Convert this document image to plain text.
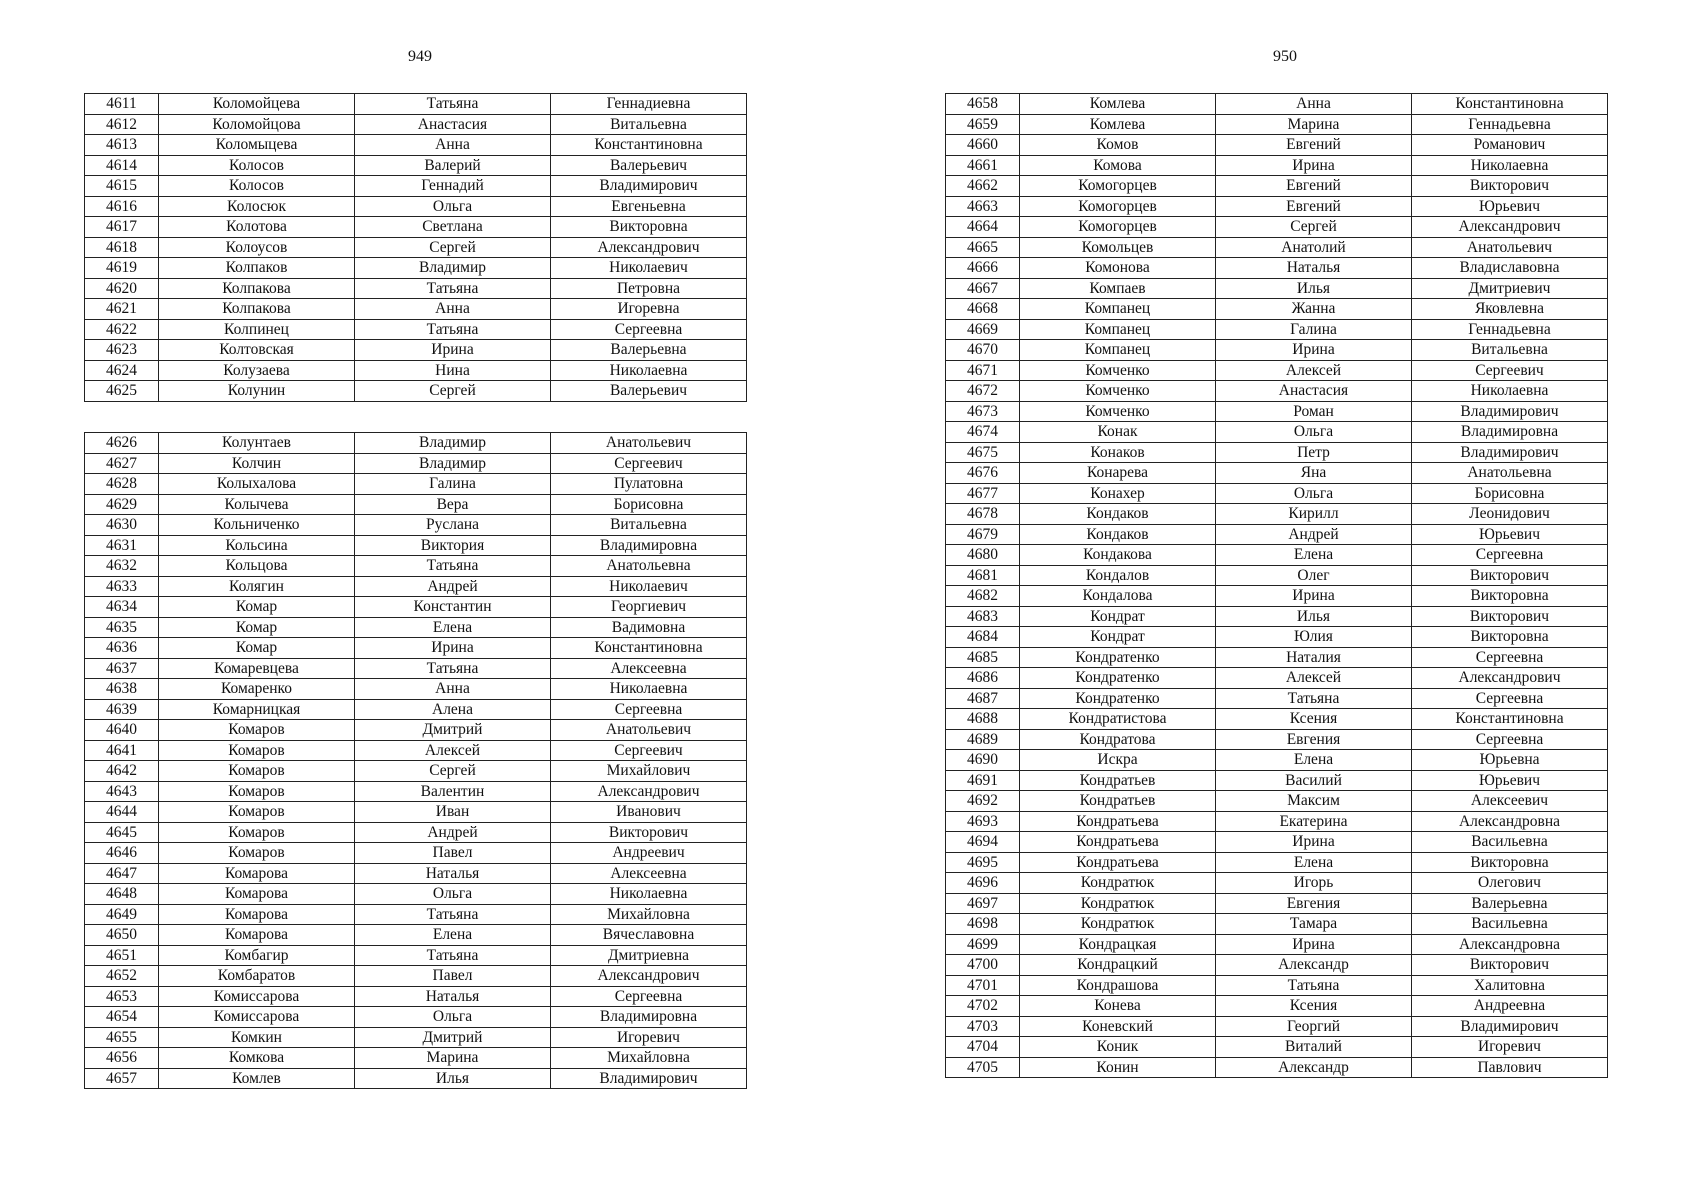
949	950
4611	Коломойцева	Татьяна	Геннадиевна
4612	Коломойцова	Анастасия	Витальевна
4613	Коломыцева	Анна	Константиновна
4614	Колосов	Валерий	Валерьевич
4615	Колосов	Геннадий	Владимирович
4616	Колосюк	Ольга	Евгеньевна
4617	Колотова	Светлана	Викторовна
4618	Колоусов	Сергей	Александрович
4619	Колпаков	Владимир	Николаевич
4620	Колпакова	Татьяна	Петровна
4621	Колпакова	Анна	Игоревна
4622	Колпинец	Татьяна	Сергеевна
4623	Колтовская	Ирина	Валерьевна
4624	Колузаева	Нина	Николаевна
4625	Колунин	Сергей	Валерьевич
4626	Колунтаев	Владимир	Анатольевич
4627	Колчин	Владимир	Сергеевич
4628	Колыхалова	Галина	Пулатовна
4629	Колычева	Вера	Борисовна
4630	Кольниченко	Руслана	Витальевна
4631	Кольсина	Виктория	Владимировна
4632	Кольцова	Татьяна	Анатольевна
4633	Колягин	Андрей	Николаевич
4634	Комар	Константин	Георгиевич
4635	Комар	Елена	Вадимовна
4636	Комар	Ирина	Константиновна
4637	Комаревцева	Татьяна	Алексеевна
4638	Комаренко	Анна	Николаевна
4639	Комарницкая	Алена	Сергеевна
4640	Комаров	Дмитрий	Анатольевич
4641	Комаров	Алексей	Сергеевич
4642	Комаров	Сергей	Михайлович
4643	Комаров	Валентин	Александрович
4644	Комаров	Иван	Иванович
4645	Комаров	Андрей	Викторович
4646	Комаров	Павел	Андреевич
4647	Комарова	Наталья	Алексеевна
4648	Комарова	Ольга	Николаевна
4649	Комарова	Татьяна	Михайловна
4650	Комарова	Елена	Вячеславовна
4651	Комбагир	Татьяна	Дмитриевна
4652	Комбаратов	Павел	Александрович
4653	Комиссарова	Наталья	Сергеевна
4654	Комиссарова	Ольга	Владимировна
4655	Комкин	Дмитрий	Игоревич
4656	Комкова	Марина	Михайловна
4657	Комлев	Илья	Владимирович
4658	Комлева	Анна	Константиновна
4659	Комлева	Марина	Геннадьевна
4660	Комов	Евгений	Романович
4661	Комова	Ирина	Николаевна
4662	Комогорцев	Евгений	Викторович
4663	Комогорцев	Евгений	Юрьевич
4664	Комогорцев	Сергей	Александрович
4665	Комольцев	Анатолий	Анатольевич
4666	Комонова	Наталья	Владиславовна
4667	Компаев	Илья	Дмитриевич
4668	Компанец	Жанна	Яковлевна
4669	Компанец	Галина	Геннадьевна
4670	Компанец	Ирина	Витальевна
4671	Комченко	Алексей	Сергеевич
4672	Комченко	Анастасия	Николаевна
4673	Комченко	Роман	Владимирович
4674	Конак	Ольга	Владимировна
4675	Конаков	Петр	Владимирович
4676	Конарева	Яна	Анатольевна
4677	Конахер	Ольга	Борисовна
4678	Кондаков	Кирилл	Леонидович
4679	Кондаков	Андрей	Юрьевич
4680	Кондакова	Елена	Сергеевна
4681	Кондалов	Олег	Викторович
4682	Кондалова	Ирина	Викторовна
4683	Кондрат	Илья	Викторович
4684	Кондрат	Юлия	Викторовна
4685	Кондратенко	Наталия	Сергеевна
4686	Кондратенко	Алексей	Александрович
4687	Кондратенко	Татьяна	Сергеевна
4688	Кондратистова	Ксения	Константиновна
4689	Кондратова	Евгения	Сергеевна
4690	Искра	Елена	Юрьевна
4691	Кондратьев	Василий	Юрьевич
4692	Кондратьев	Максим	Алексеевич
4693	Кондратьева	Екатерина	Александровна
4694	Кондратьева	Ирина	Васильевна
4695	Кондратьева	Елена	Викторовна
4696	Кондратюк	Игорь	Олегович
4697	Кондратюк	Евгения	Валерьевна
4698	Кондратюк	Тамара	Васильевна
4699	Кондрацкая	Ирина	Александровна
4700	Кондрацкий	Александр	Викторович
4701	Кондрашова	Татьяна	Халитовна
4702	Конева	Ксения	Андреевна
4703	Коневский	Георгий	Владимирович
4704	Коник	Виталий	Игоревич
4705	Конин	Александр	Павлович
